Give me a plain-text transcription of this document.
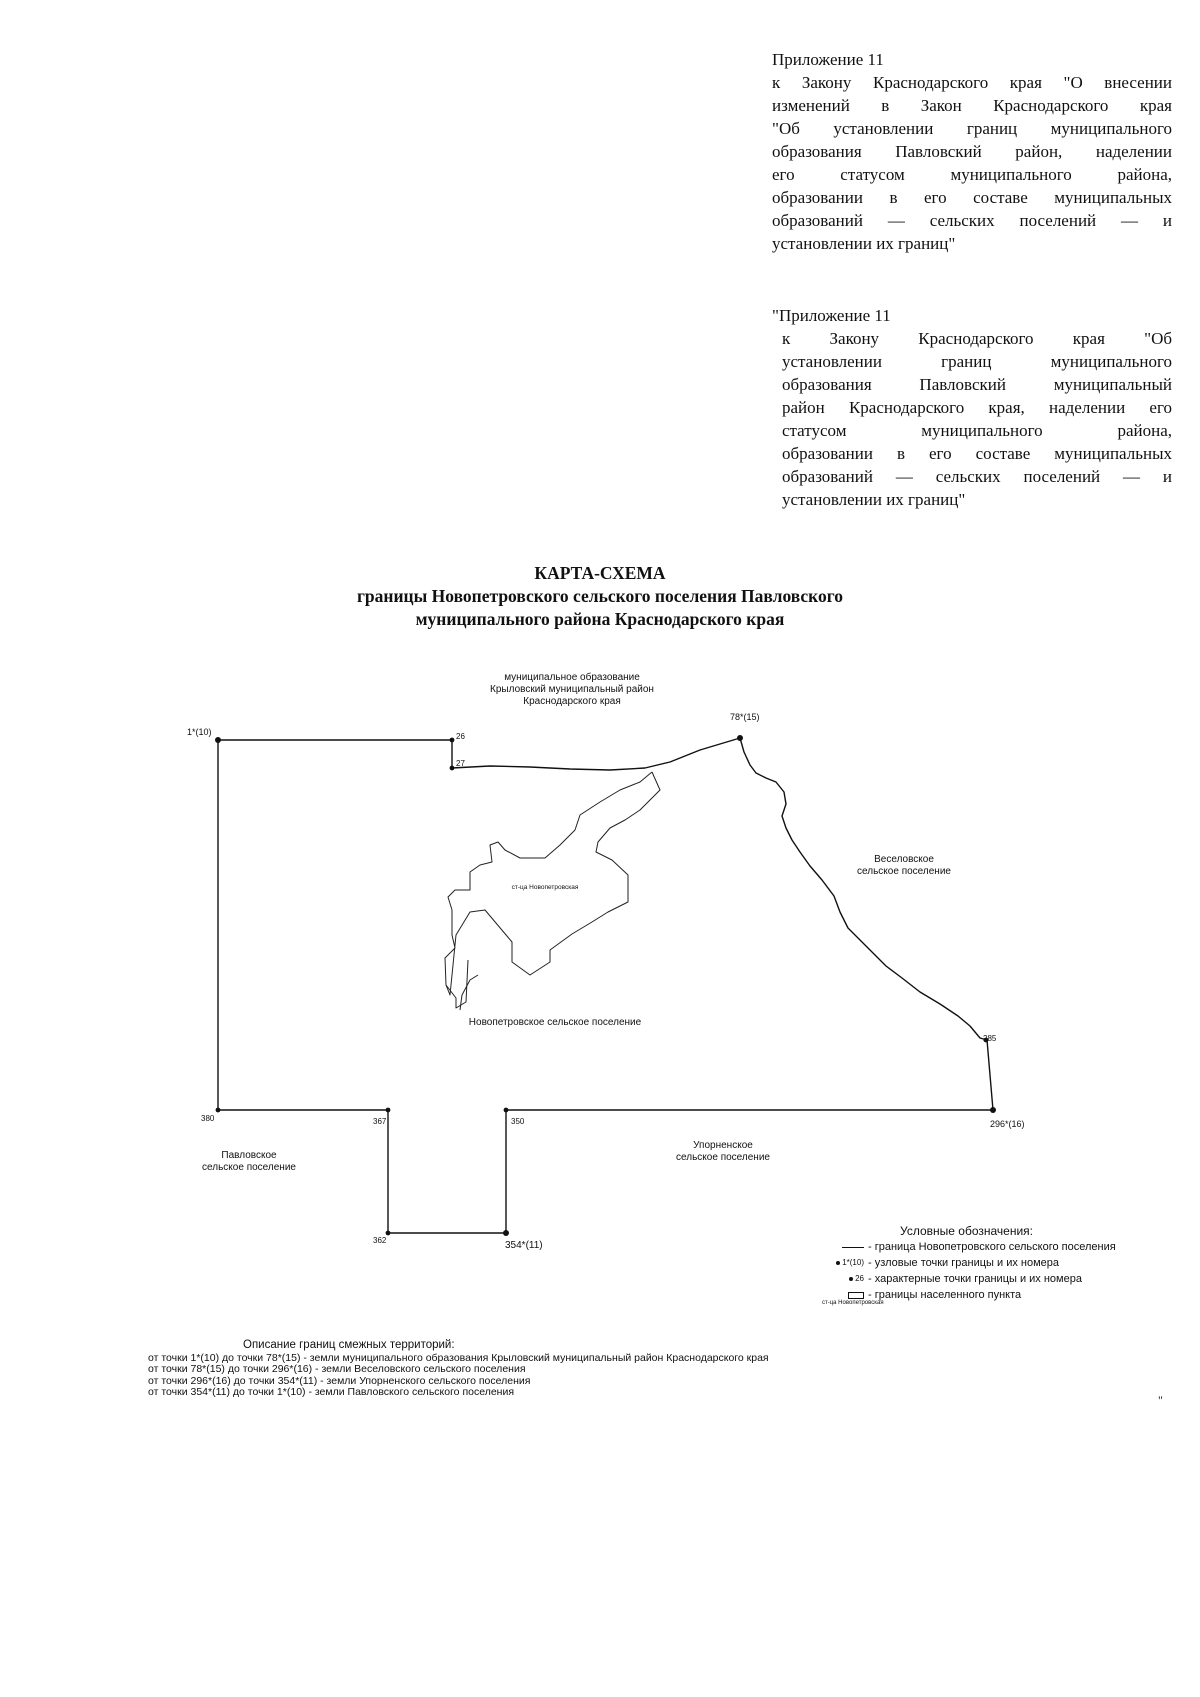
Приложение 11
к Закону Краснодарского края "О внесении
изменений в Закон Краснодарского края
"Об установлении границ муниципального
образования Павловский район, наделении
его статусом муниципального района,
образовании в его составе муниципальных
образований — сельских поселений — и
установлении их границ"
"Приложение 11
к Закону Краснодарского края "Об
установлении границ муниципального
образования Павловский муниципальный
район Краснодарского края, наделении его
статусом муниципального района,
образовании в его составе муниципальных
образований — сельских поселений — и
установлении их границ"
КАРТА-СХЕМА
границы Новопетровского сельского поселения Павловского
муниципального района Краснодарского края
1*(10)	26
27
78*(15)
285
296*(16)
350
354*(11)
362
367
380
муниципальное образование
Крыловский муниципальный район
Краснодарского края
Веселовское
сельское поселение
Упорненское
сельское поселение
Павловское
сельское поселение
Новопетровское сельское поселение
ст-ца Новопетровская
Условные обозначения:
- граница Новопетровского сельского поселения
1*(10) - узловые точки границы и их номера
26 - характерные точки границы и их номера
- границы населенного пункта
ст-ца Новопетровская
Описание границ смежных территорий:
от точки 1*(10) до точки 78*(15) - земли муниципального образования Крыловский муниципальный район Краснодарского края
от точки 78*(15) до точки 296*(16) - земли Веселовского сельского поселения
от точки 296*(16) до точки 354*(11) - земли Упорненского сельского поселения
от точки 354*(11) до точки 1*(10) - земли Павловского сельского поселения
"
